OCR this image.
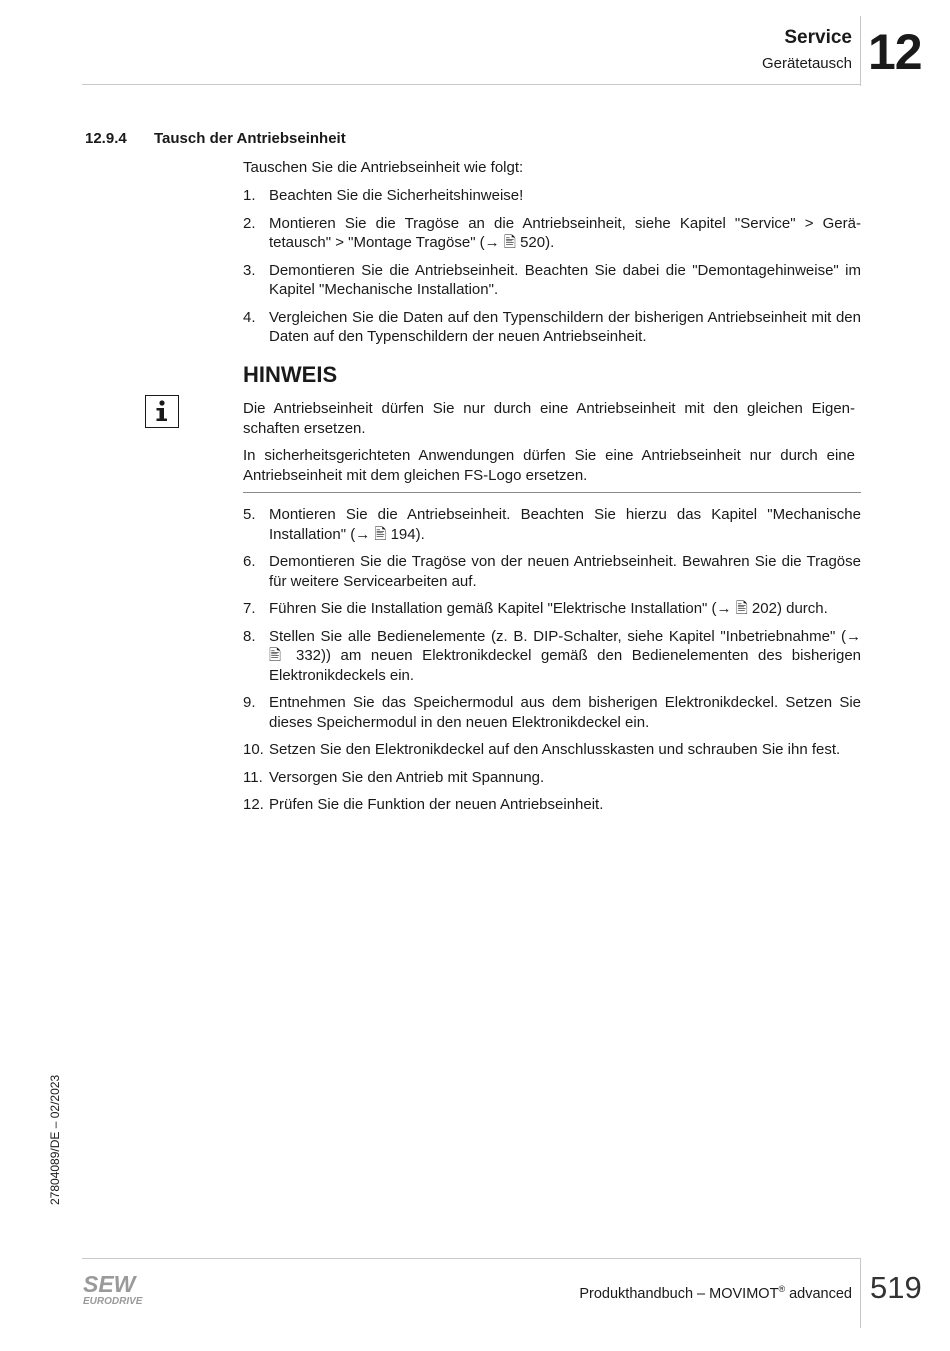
Service
Gerätetausch 12
12.9.4 Tausch der Antriebseinheit
Tauschen Sie die Antriebseinheit wie folgt:
1. Beachten Sie die Sicherheitshinweise!
2. Montieren Sie die Tragöse an die Antriebseinheit, siehe Kapitel "Service" > Gerätetausch" > "Montage Tragöse" (→ 🖹 520).
3. Demontieren Sie die Antriebseinheit. Beachten Sie dabei die "Demontagehinweise" im Kapitel "Mechanische Installation".
4. Vergleichen Sie die Daten auf den Typenschildern der bisherigen Antriebseinheit mit den Daten auf den Typenschildern der neuen Antriebseinheit.
HINWEIS

Die Antriebseinheit dürfen Sie nur durch eine Antriebseinheit mit den gleichen Eigenschaften ersetzen.

In sicherheitsgerichteten Anwendungen dürfen Sie eine Antriebseinheit nur durch eine Antriebseinheit mit dem gleichen FS-Logo ersetzen.

5. Montieren Sie die Antriebseinheit. Beachten Sie hierzu das Kapitel "Mechanische Installation" (→ 🖹 194).
6. Demontieren Sie die Tragöse von der neuen Antriebseinheit. Bewahren Sie die Tragöse für weitere Servicearbeiten auf.
7. Führen Sie die Installation gemäß Kapitel "Elektrische Installation" (→ 🖹 202) durch.
8. Stellen Sie alle Bedienelemente (z. B. DIP-Schalter, siehe Kapitel "Inbetriebnahme" (→ 🖹 332)) am neuen Elektronikdeckel gemäß den Bedienelementen des bisherigen Elektronikdeckels ein.
9. Entnehmen Sie das Speichermodul aus dem bisherigen Elektronikdeckel. Setzen Sie dieses Speichermodul in den neuen Elektronikdeckel ein.
10. Setzen Sie den Elektronikdeckel auf den Anschlusskasten und schrauben Sie ihn fest.
11. Versorgen Sie den Antrieb mit Spannung.
12. Prüfen Sie die Funktion der neuen Antriebseinheit.
27804089/DE – 02/2023
SEW
EURODRIVE	Produkthandbuch – MOVIMOT® advanced 519
